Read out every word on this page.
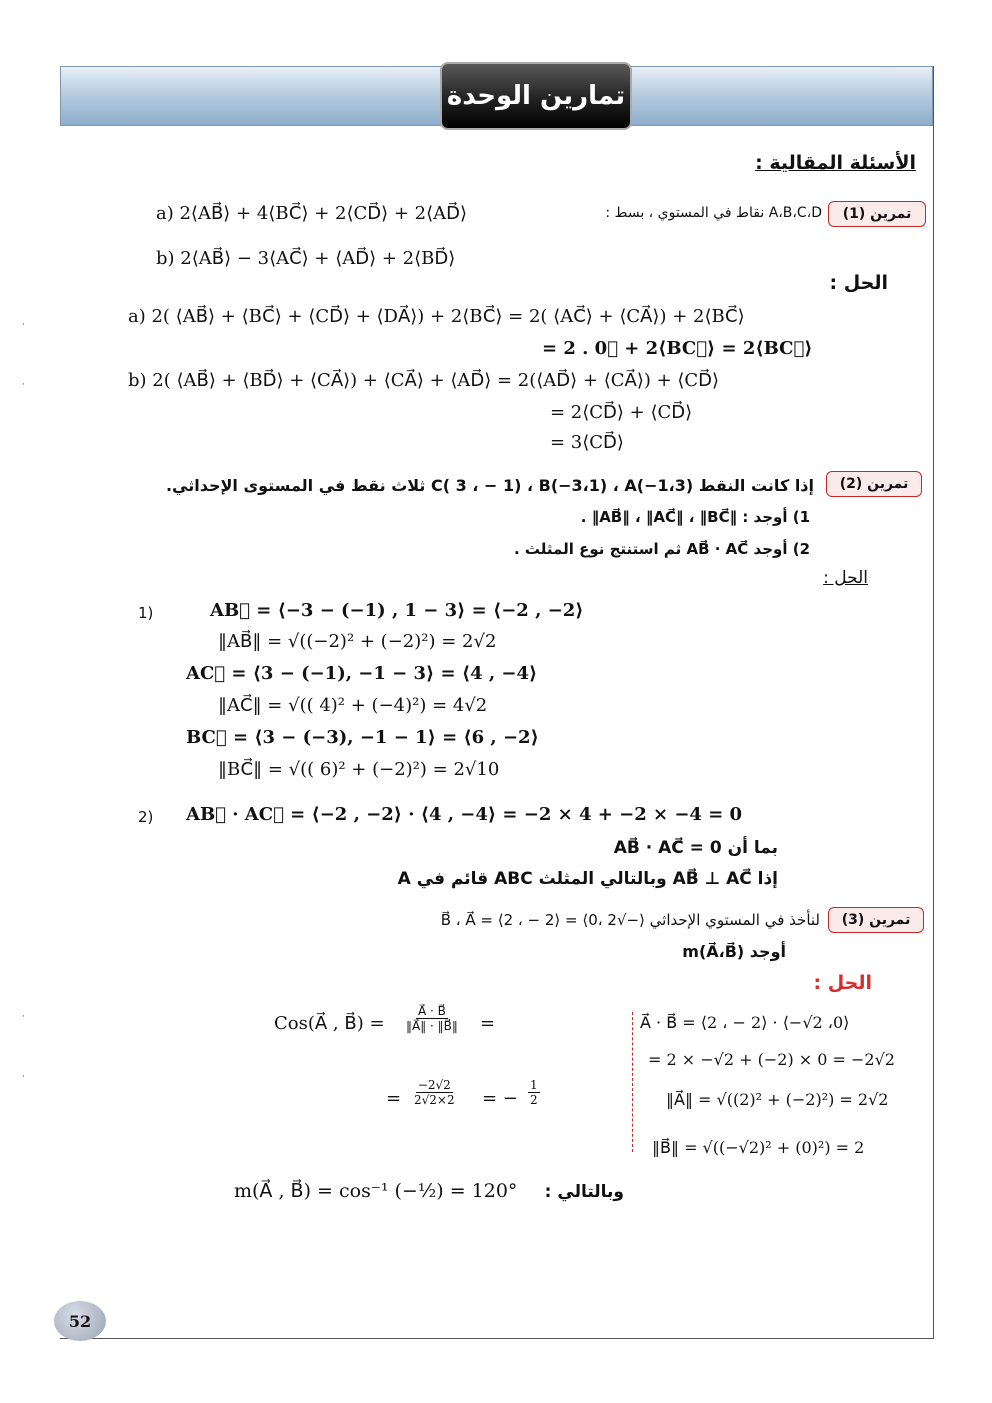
تمارين الوحدة
الأسئلة المقالية :
تمرين (1)
A،B،C،D نقاط في المستوي ، بسط :
a) 2⟨AB⃗⟩ + 4⟨BC⃗⟩ + 2⟨CD⃗⟩ + 2⟨AD⃗⟩
b) 2⟨AB⃗⟩ − 3⟨AC⃗⟩ + ⟨AD⃗⟩ + 2⟨BD⃗⟩
الحل :
a) 2( ⟨AB⃗⟩ + ⟨BC⃗⟩ + ⟨CD⃗⟩ + ⟨DA⃗⟩) + 2⟨BC⃗⟩ = 2( ⟨AC⃗⟩ + ⟨CA⃗⟩) + 2⟨BC⃗⟩
= 2 . 0⃗ + 2⟨BC⃗⟩ = 2⟨BC⃗⟩
b) 2( ⟨AB⃗⟩ + ⟨BD⃗⟩ + ⟨CA⃗⟩) + ⟨CA⃗⟩ + ⟨AD⃗⟩ = 2(⟨AD⃗⟩ + ⟨CA⃗⟩) + ⟨CD⃗⟩
= 2⟨CD⃗⟩ + ⟨CD⃗⟩
= 3⟨CD⃗⟩
تمرين (2)
إذا كانت النقط C( 3 ، − 1) ، B(−3،1) ، A(−1،3) ثلاث نقط في المستوى الإحداثي.
1) أوجد : ‖AB⃗‖ ، ‖AC⃗‖ ، ‖BC⃗‖ .
2) أوجد AB⃗ · AC⃗ ثم استنتج نوع المثلث .
الحل :
1)	AB⃗ = ⟨−3 − (−1) , 1 − 3⟩ = ⟨−2 , −2⟩
‖AB⃗‖ = √((−2)² + (−2)²) = 2√2
AC⃗ = ⟨3 − (−1), −1 − 3⟩ = ⟨4 , −4⟩
‖AC⃗‖ = √(( 4)² + (−4)²) = 4√2
BC⃗ = ⟨3 − (−3), −1 − 1⟩ = ⟨6 , −2⟩
‖BC⃗‖ = √(( 6)² + (−2)²) = 2√10
2) AB⃗ · AC⃗ = ⟨−2 , −2⟩ · ⟨4 , −4⟩ = −2 × 4 + −2 × −4 = 0
بما أن AB⃗ · AC⃗ = 0
إذا AB⃗ ⊥ AC⃗ وبالتالي المثلث ABC قائم في A
تمرين (3)
لنأخذ في المستوي الإحداثي ⟨−√2 ،0⟩ = B⃗ ، A⃗ = ⟨2 ، − 2⟩
أوجد m(A⃗،B⃗)
الحل :
Cos(A⃗ , B⃗) = $\frac{A⃗ \cdot B⃗}{‖A⃗‖ \cdot ‖B⃗‖}$ =
= $\frac{-2√2}{2√2\times 2}$ = − $\frac{1}{2}$
A⃗ · B⃗ = ⟨2 ، − 2⟩ · ⟨−√2 ،0⟩
= 2 × −√2 + (−2) × 0 = −2√2
‖A⃗‖ = √((2)² + (−2)²) = 2√2
‖B⃗‖ = √((−√2)² + (0)²) = 2
وبالتالي :
m(A⃗ , B⃗) = cos⁻¹ (−½) = 120°
52
·
·
·
·
